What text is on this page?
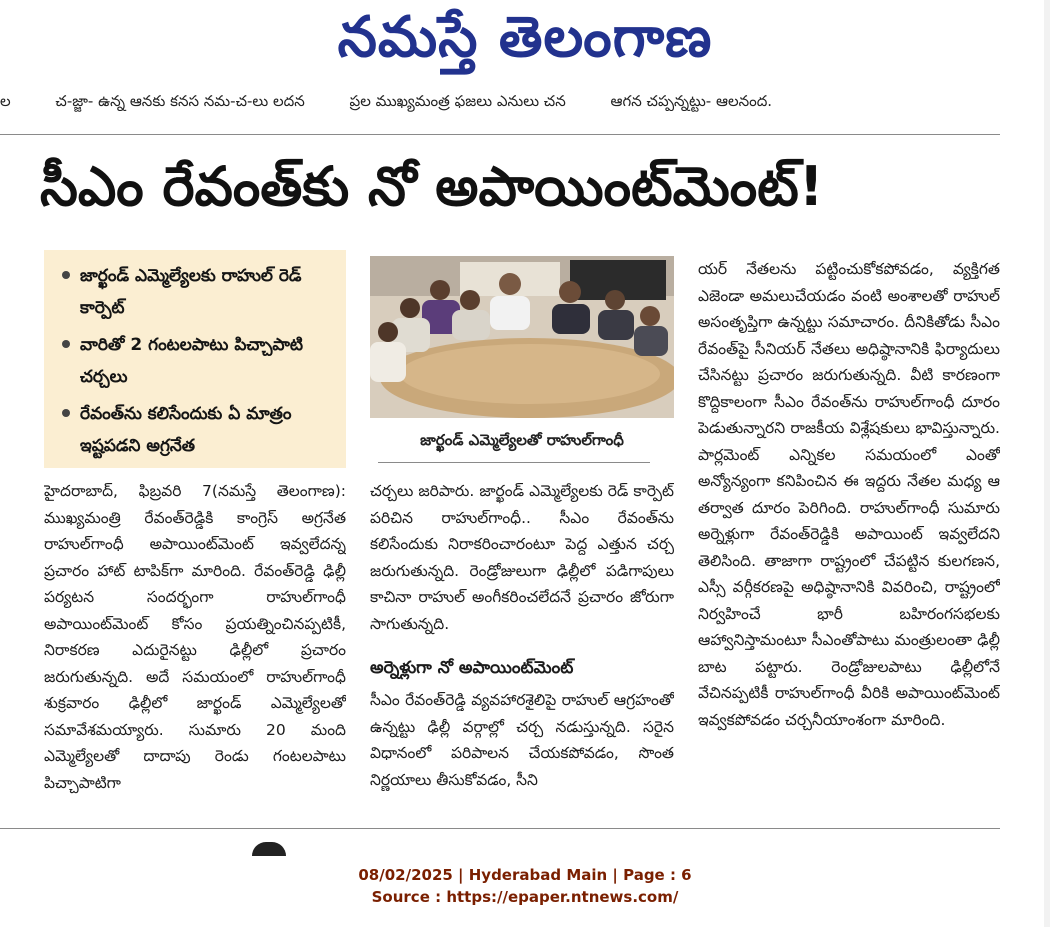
నమస్తే తెలంగాణ
ల	చ-జ్జా- ఉన్న ఆనకు కనస నమ-చ-లు లదన	ప్రల ముఖ్యమంత్ర ఫజలు ఎనులు చన	ఆగన చప్పన్నట్టు- ఆలనంద.
సీఎం రేవంత్‌కు నో అపాయింట్‌మెంట్‌!
జార్ఖండ్ ఎమ్మెల్యేలకు రాహుల్ రెడ్ కార్పెట్
వారితో 2 గంటలపాటు పిచ్చాపాటి చర్చలు
రేవంత్‌ను కలిసేందుకు ఏ మాత్రం ఇష్టపడని అగ్రనేత	జార్ఖండ్ ఎమ్మెల్యేలతో రాహుల్‌గాంధీ

హైదరాబాద్, ఫిబ్రవరి 7(నమస్తే తెలంగాణ): ముఖ్యమంత్రి రేవంత్‌రెడ్డికి కాంగ్రెస్ అగ్రనేత రాహుల్‌గాంధీ అపాయింట్‌మెంట్ ఇవ్వలేదన్న ప్రచారం హాట్ టాపిక్‌గా మారింది. రేవంత్‌రెడ్డి ఢిల్లీ పర్యటన సందర్భంగా రాహుల్‌గాంధీ అపాయింట్‌మెంట్ కోసం ప్రయత్నించినప్పటికీ, నిరాకరణ ఎదురైనట్టు ఢిల్లీలో ప్రచారం జరుగుతున్నది. అదే సమయంలో రాహుల్‌గాంధీ శుక్రవారం ఢిల్లీలో జార్ఖండ్ ఎమ్మెల్యేలతో సమావేశమయ్యారు. సుమారు 20 మంది ఎమ్మెల్యేలతో దాదాపు రెండు గంటలపాటు పిచ్చాపాటిగా

చర్చలు జరిపారు. జార్ఖండ్ ఎమ్మెల్యేలకు రెడ్ కార్పెట్ పరిచిన రాహుల్‌గాంధీ.. సీఎం రేవంత్‌ను కలిసేందుకు నిరాకరించారంటూ పెద్ద ఎత్తున చర్చ జరుగుతున్నది. రెండ్రోజులుగా ఢిల్లీలో పడిగాపులు కాచినా రాహుల్ అంగీకరించలేదనే ప్రచారం జోరుగా సాగుతున్నది.

అర్నెళ్లుగా నో అపాయింట్‌మెంట్

సీఎం రేవంత్‌రెడ్డి వ్యవహారశైలిపై రాహుల్ ఆగ్రహంతో ఉన్నట్టు ఢిల్లీ వర్గాల్లో చర్చ నడుస్తున్నది. సరైన విధానంలో పరిపాలన చేయకపోవడం, సొంత నిర్ణయాలు తీసుకోవడం, సీని

యర్ నేతలను పట్టించుకోకపోవడం, వ్యక్తిగత ఎజెండా అమలుచేయడం వంటి అంశాలతో రాహుల్ అసంతృప్తిగా ఉన్నట్టు సమాచారం. దీనికితోడు సీఎం రేవంత్‌పై సీనియర్ నేతలు అధిష్ఠానానికి ఫిర్యాదులు చేసినట్టు ప్రచారం జరుగుతున్నది. వీటి కారణంగా కొద్దికాలంగా సీఎం రేవంత్‌ను రాహుల్‌గాంధీ దూరం పెడుతున్నారని రాజకీయ విశ్లేషకులు భావిస్తున్నారు. పార్లమెంట్ ఎన్నికల సమయంలో ఎంతో అన్యోన్యంగా కనిపించిన ఈ ఇద్దరు నేతల మధ్య ఆ తర్వాత దూరం పెరిగింది. రాహుల్‌గాంధీ సుమారు అర్నెళ్లుగా రేవంత్‌రెడ్డికి అపాయింట్ ఇవ్వలేదని తెలిసింది. తాజాగా రాష్ట్రంలో చేపట్టిన కులగణన, ఎస్సీ వర్గీకరణపై అధిష్ఠానానికి వివరించి, రాష్ట్రంలో నిర్వహించే భారీ బహిరంగసభలకు ఆహ్వానిస్తామంటూ సీఎంతోపాటు మంత్రులంతా ఢిల్లీ బాట పట్టారు. రెండ్రోజులపాటు ఢిల్లీలోనే వేచినప్పటికీ రాహుల్‌గాంధీ వీరికి అపాయింట్‌మెంట్ ఇవ్వకపోవడం చర్చనీయాంశంగా మారింది.

08/02/2025 | Hyderabad Main | Page : 6
Source : https://epaper.ntnews.com/
